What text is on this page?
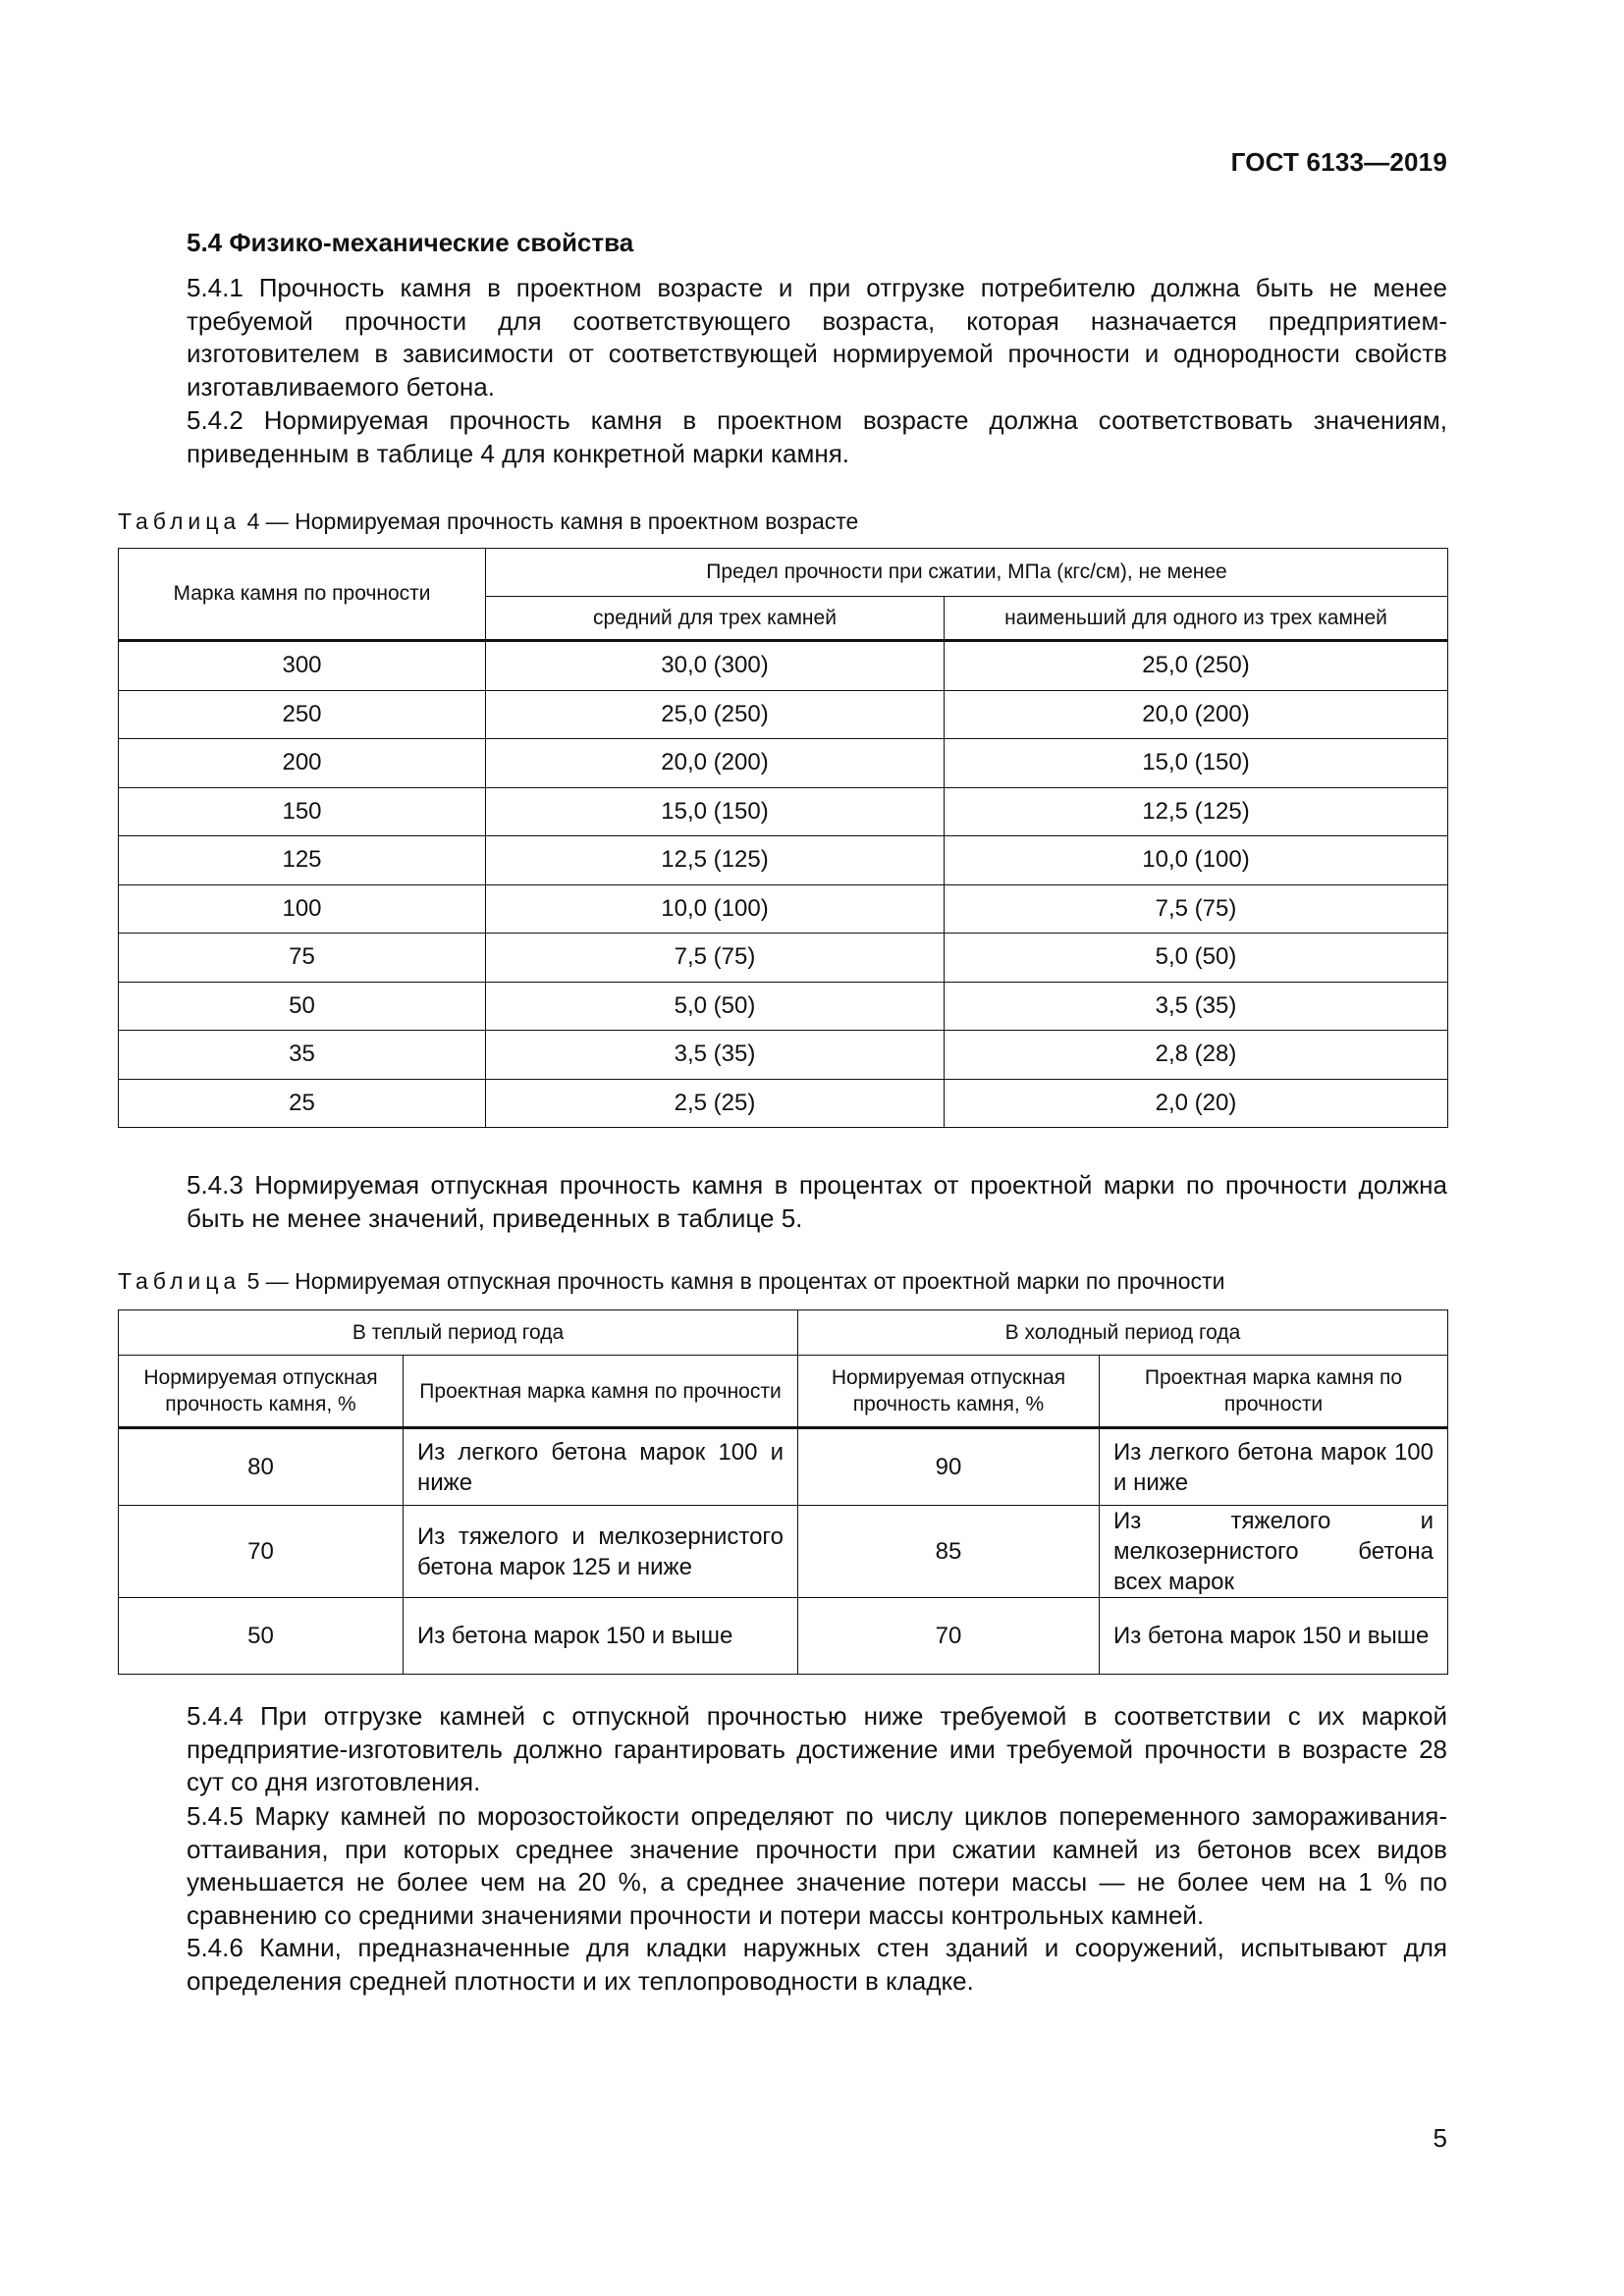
ГОСТ 6133—2019
5.4 Физико-механические свойства
5.4.1 Прочность камня в проектном возрасте и при отгрузке потребителю должна быть не менее требуемой прочности для соответствующего возраста, которая назначается предприятием-изготовителем в зависимости от соответствующей нормируемой прочности и однородности свойств изготавливаемого бетона.
5.4.2 Нормируемая прочность камня в проектном возрасте должна соответствовать значениям, приведенным в таблице 4 для конкретной марки камня.
Таблица 4 — Нормируемая прочность камня в проектном возрасте
Марка камня по прочности	Предел прочности при сжатии, МПа (кгс/см), не менее	
	средний для трех камней	наименьший для одного из трех камней
300	30,0 (300)	25,0 (250)
250	25,0 (250)	20,0 (200)
200	20,0 (200)	15,0 (150)
150	15,0 (150)	12,5 (125)
125	12,5 (125)	10,0 (100)
100	10,0 (100)	7,5 (75)
75	7,5 (75)	5,0 (50)
50	5,0 (50)	3,5 (35)
35	3,5 (35)	2,8 (28)
25	2,5 (25)	2,0 (20)
5.4.3 Нормируемая отпускная прочность камня в процентах от проектной марки по прочности должна быть не менее значений, приведенных в таблице 5.
Таблица 5 — Нормируемая отпускная прочность камня в процентах от проектной марки по прочности
В теплый период года		В холодный период года	
Нормируемая отпускная прочность камня, %	Проектная марка камня по прочности	Нормируемая отпускная прочность камня, %	Проектная марка камня по прочности
80	Из легкого бетона марок 100 и ниже	90	Из легкого бетона марок 100 и ниже
70	Из тяжелого и мелкозернистого бетона марок 125 и ниже	85	Из тяжелого и мелкозернистого бетона всех марок
50	Из бетона марок 150 и выше	70	Из бетона марок 150 и выше
5.4.4 При отгрузке камней с отпускной прочностью ниже требуемой в соответствии с их маркой предприятие-изготовитель должно гарантировать достижение ими требуемой прочности в возрасте 28 сут со дня изготовления.
5.4.5 Марку камней по морозостойкости определяют по числу циклов попеременного замораживания-оттаивания, при которых среднее значение прочности при сжатии камней из бетонов всех видов уменьшается не более чем на 20 %, а среднее значение потери массы — не более чем на 1 % по сравнению со средними значениями прочности и потери массы контрольных камней.
5.4.6 Камни, предназначенные для кладки наружных стен зданий и сооружений, испытывают для определения средней плотности и их теплопроводности в кладке.
5
